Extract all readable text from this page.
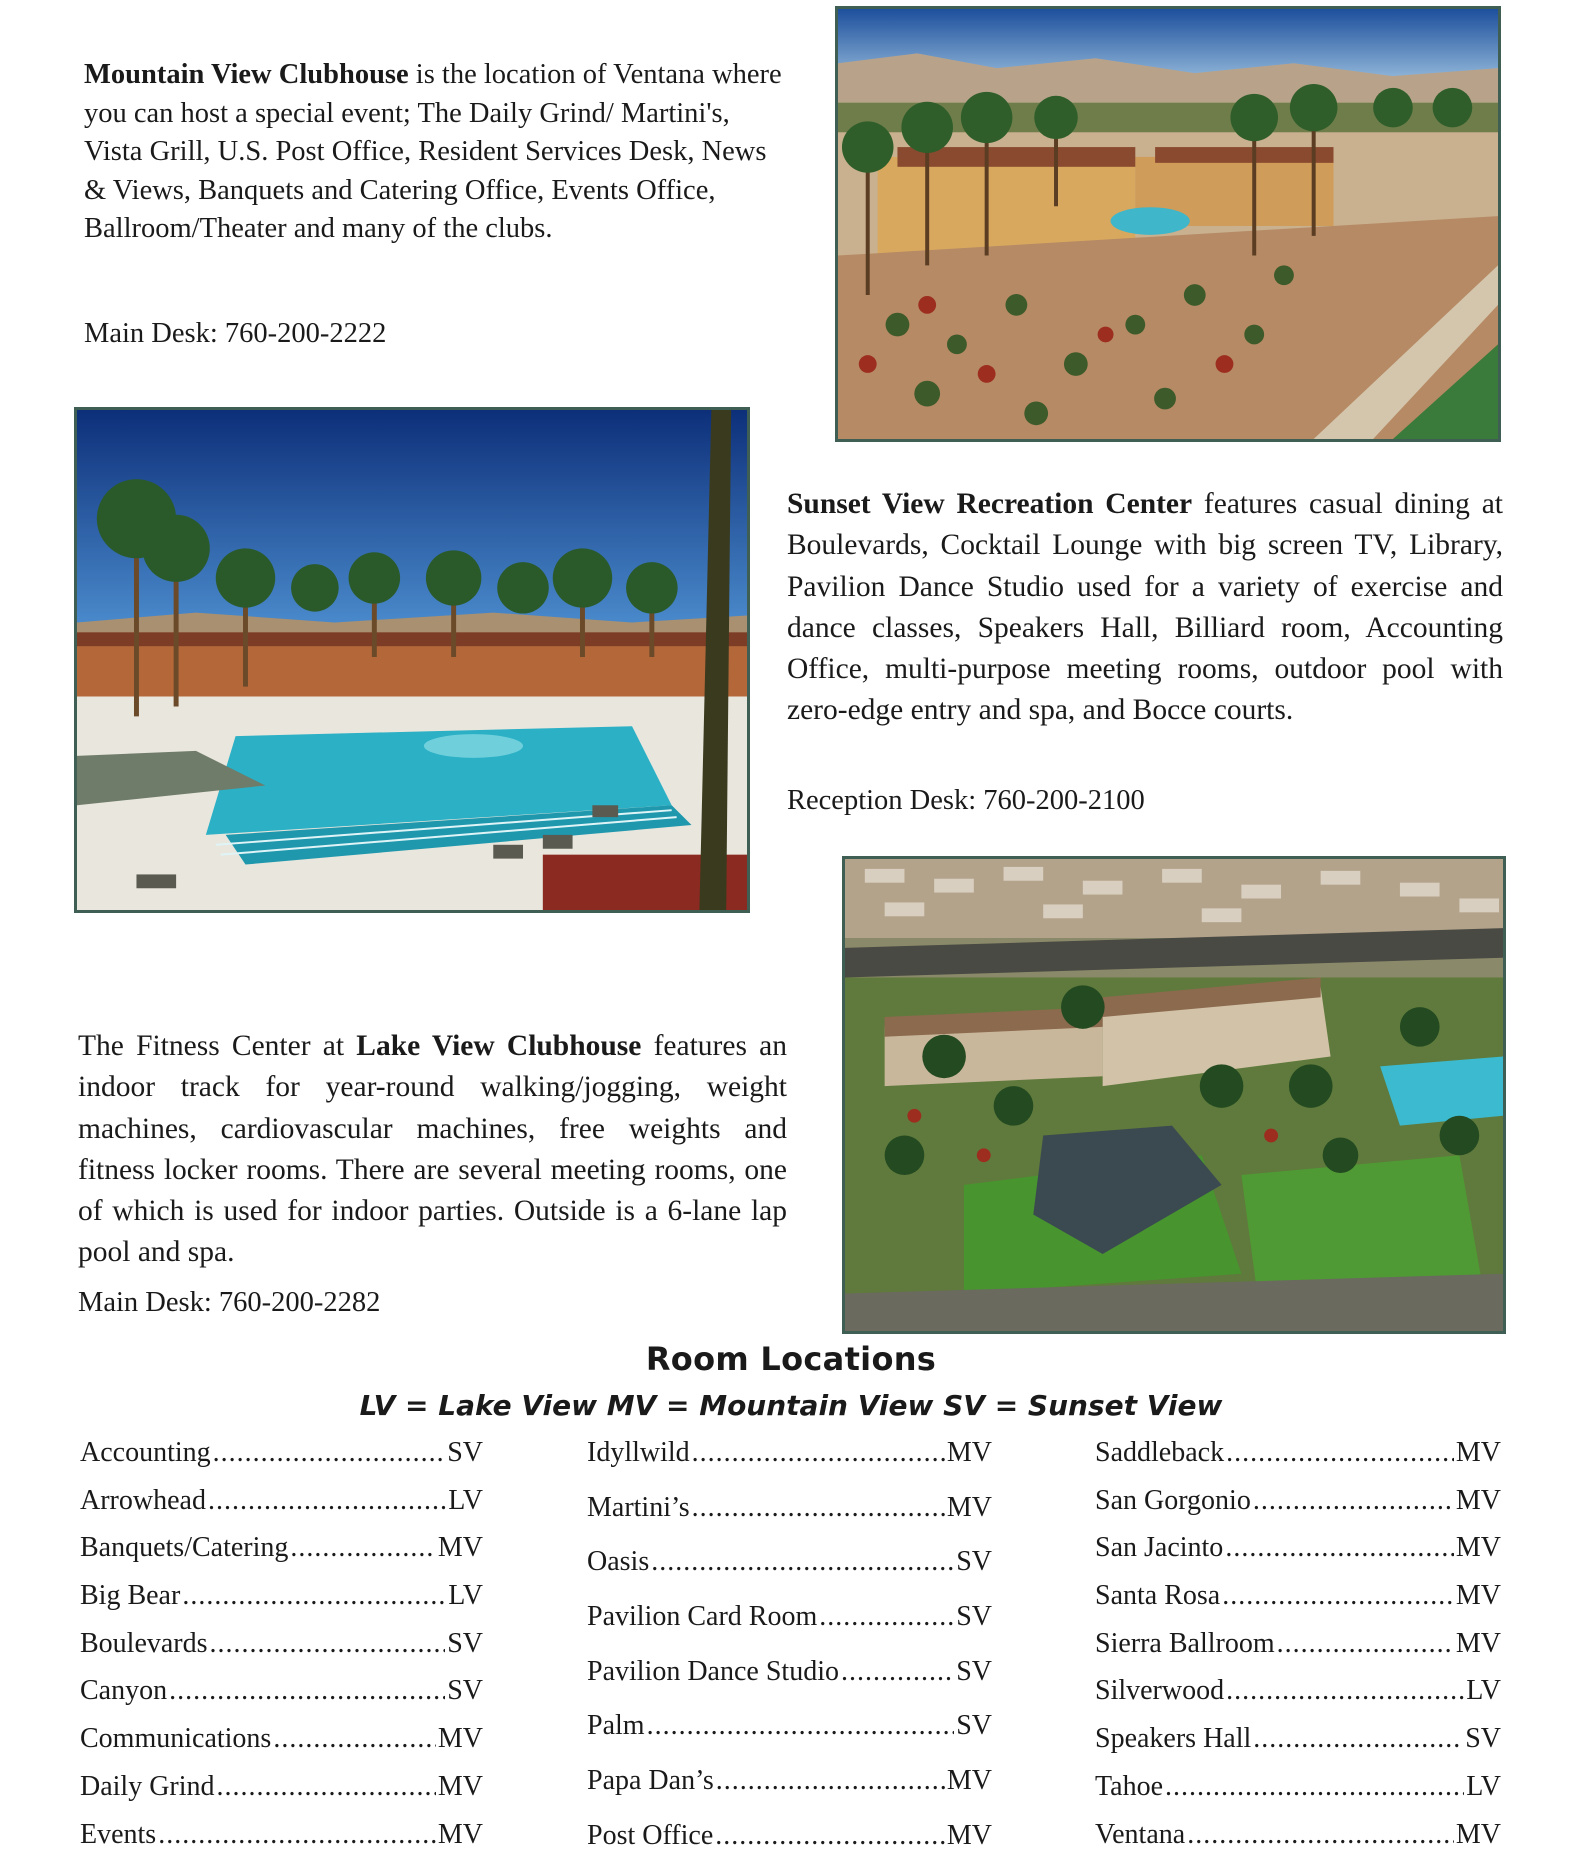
Mountain View Clubhouse is the location of Ventana where you can host a special event; The Daily Grind/ Martini's, Vista Grill, U.S. Post Office, Resident Services Desk, News & Views, Banquets and Catering Office, Events Office, Ballroom/Theater and many of the clubs.
Main Desk: 760-200-2222
Sunset View Recreation Center features casual dining at Boulevards, Cocktail Lounge with big screen TV, Library, Pavilion Dance Studio used for a variety of exercise and dance classes, Speakers Hall, Billiard room, Accounting Office, multi-purpose meeting rooms, outdoor pool with zero-edge entry and spa, and Bocce courts.
Reception Desk: 760-200-2100
The Fitness Center at Lake View Clubhouse features an indoor track for year-round walking/jogging, weight machines, cardiovascular machines, free weights and fitness locker rooms. There are several meeting rooms, one of which is used for indoor parties. Outside is a 6-lane lap pool and spa.
Main Desk: 760-200-2282
Room Locations
LV = Lake View MV = Mountain View SV = Sunset View
Accounting .....	SV
Arrowhead .....	LV
Banquets/Catering .....	MV
Big Bear .....	LV
Boulevards .....	SV
Canyon .....	SV
Communications .....	MV
Daily Grind .....	MV
Events .....	MV
Idyllwild .....	MV
Martini’s .....	MV
Oasis .....	SV
Pavilion Card Room .....	SV
Pavilion Dance Studio .....	SV
Palm .....	SV
Papa Dan’s .....	MV
Post Office .....	MV
Saddleback .....	MV
San Gorgonio .....	MV
San Jacinto .....	MV
Santa Rosa .....	MV
Sierra Ballroom .....	MV
Silverwood .....	LV
Speakers Hall .....	SV
Tahoe .....	LV
Ventana .....	MV
